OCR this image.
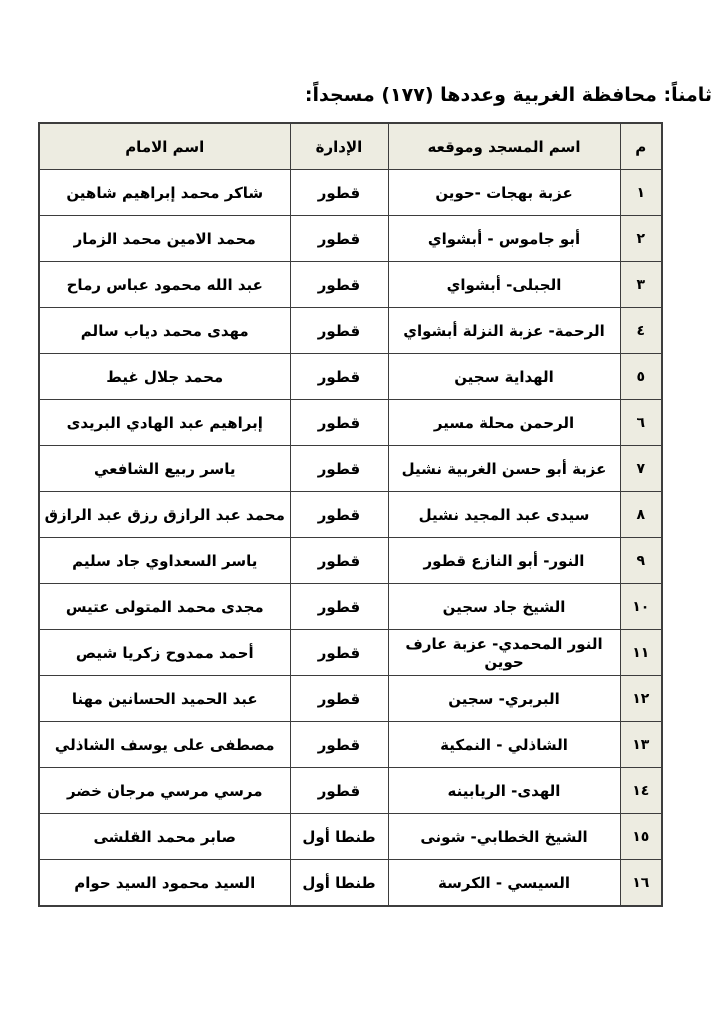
ثامناً: محافظة الغربية وعددها (١٧٧) مسجداً:
م	اسم المسجد وموقعه	الإدارة	اسم الامام
١	عزبة بهجات -حوين	قطور	شاكر محمد إبراهيم شاهين
٢	أبو جاموس - أبشواي	قطور	محمد الامين محمد الزمار
٣	الجبلى- أبشواي	قطور	عبد الله محمود عباس رماح
٤	الرحمة- عزبة النزلة أبشواي	قطور	مهدى محمد دياب سالم
٥	الهداية سجين	قطور	محمد جلال غيط
٦	الرحمن محلة مسير	قطور	إبراهيم عبد الهادي البريدى
٧	عزبة أبو حسن الغربية نشيل	قطور	ياسر ربيع الشافعي
٨	سيدى عبد المجيد نشيل	قطور	محمد عبد الرازق رزق عبد الرازق
٩	النور- أبو النازع قطور	قطور	ياسر السعداوي جاد سليم
١٠	الشيخ جاد سجين	قطور	مجدى محمد المتولى عتيس
١١	النور المحمدي- عزبة عارف حوين	قطور	أحمد ممدوح زكريا شيص
١٢	البربري- سجين	قطور	عبد الحميد الحسانين مهنا
١٣	الشاذلي - النمكية	قطور	مصطفى على يوسف الشاذلي
١٤	الهدى- الريابينه	قطور	مرسي مرسي مرجان خضر
١٥	الشيخ الخطابي- شونى	طنطا أول	صابر محمد القلشى
١٦	السيسي - الكرسة	طنطا أول	السيد محمود السيد حوام
